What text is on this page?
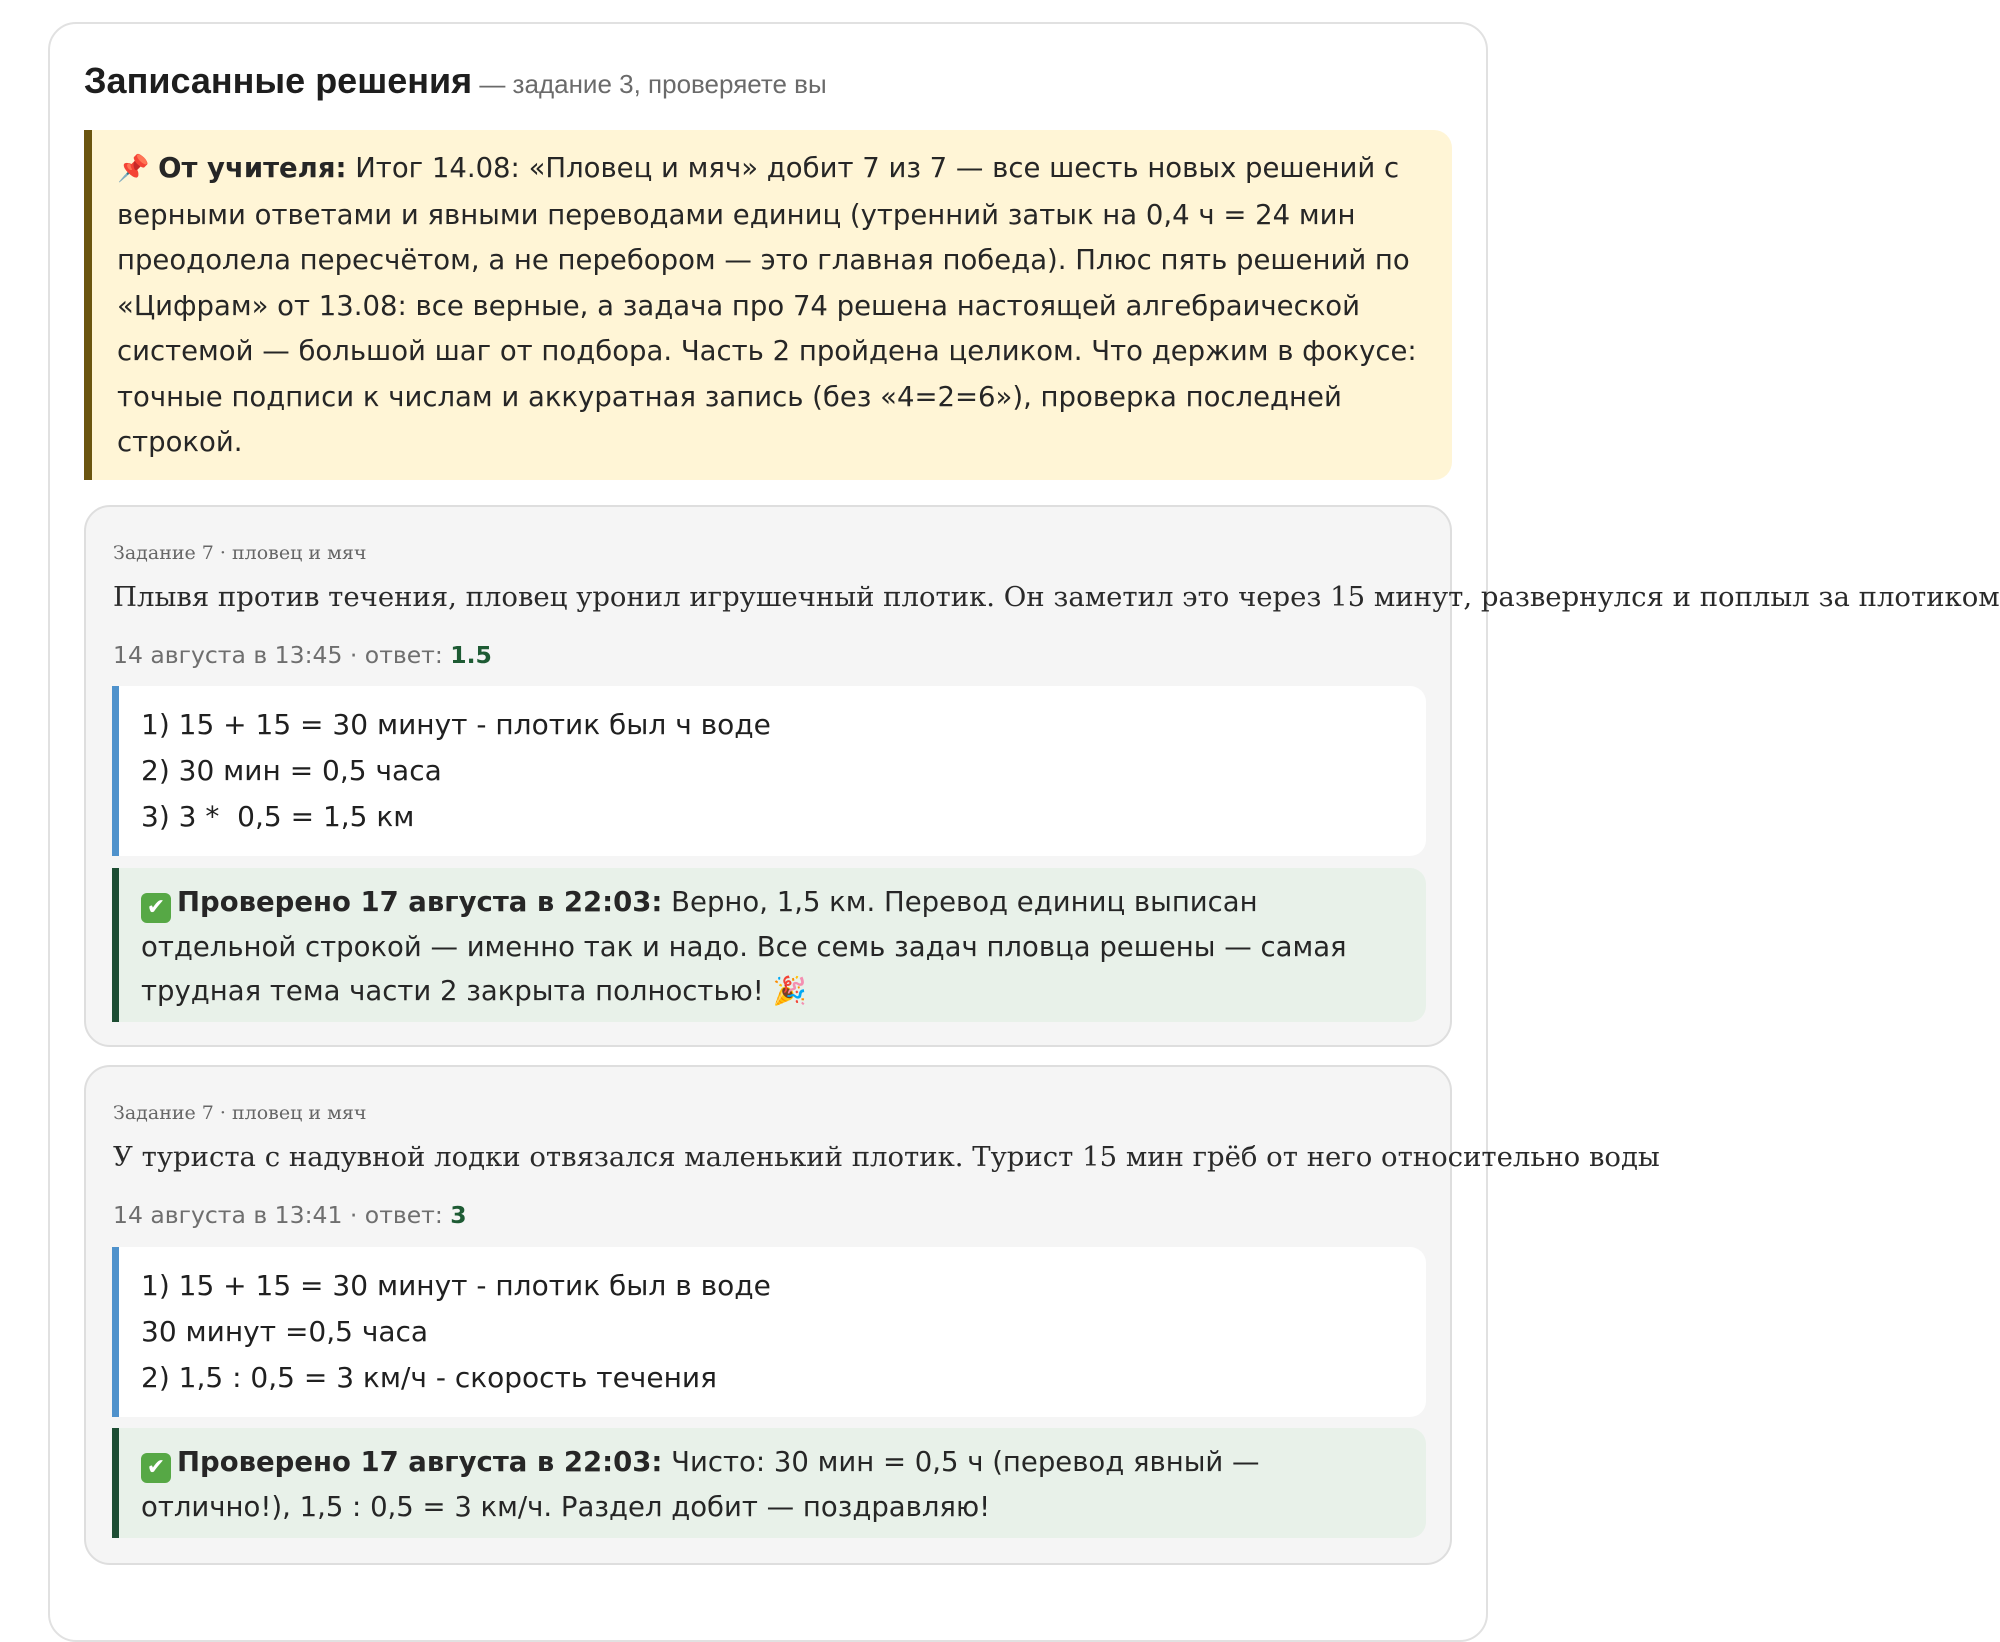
Записанные решения — задание 3, проверяете вы
📌 От учителя: Итог 14.08: «Пловец и мяч» добит 7 из 7 — все шесть новых решений с верными ответами и явными переводами единиц (утренний затык на 0,4 ч = 24 мин преодолела пересчётом, а не перебором — это главная победа). Плюс пять решений по «Цифрам» от 13.08: все верные, а задача про 74 решена настоящей алгебраической системой — большой шаг от подбора. Часть 2 пройдена целиком. Что держим в фокусе: точные подписи к числам и аккуратная запись (без «4=2=6»), проверка последней строкой.
Задание 7 · пловец и мяч
Плывя против течения, пловец уронил игрушечный плотик. Он заметил это через 15 минут, развернулся и поплыл за плотиком
14 августа в 13:45 · ответ: 1.5
1) 15 + 15 = 30 минут - плотик был ч воде
2) 30 мин = 0,5 часа
3) 3 *  0,5 = 1,5 км
✔ Проверено 17 августа в 22:03: Верно, 1,5 км. Перевод единиц выписан отдельной строкой — именно так и надо. Все семь задач пловца решены — самая трудная тема части 2 закрыта полностью! 🎉
Задание 7 · пловец и мяч
У туриста с надувной лодки отвязался маленький плотик. Турист 15 мин грёб от него относительно воды
14 августа в 13:41 · ответ: 3
1) 15 + 15 = 30 минут - плотик был в воде
30 минут =0,5 часа
2) 1,5 : 0,5 = 3 км/ч - скорость течения
✔ Проверено 17 августа в 22:03: Чисто: 30 мин = 0,5 ч (перевод явный — отлично!), 1,5 : 0,5 = 3 км/ч. Раздел добит — поздравляю!
